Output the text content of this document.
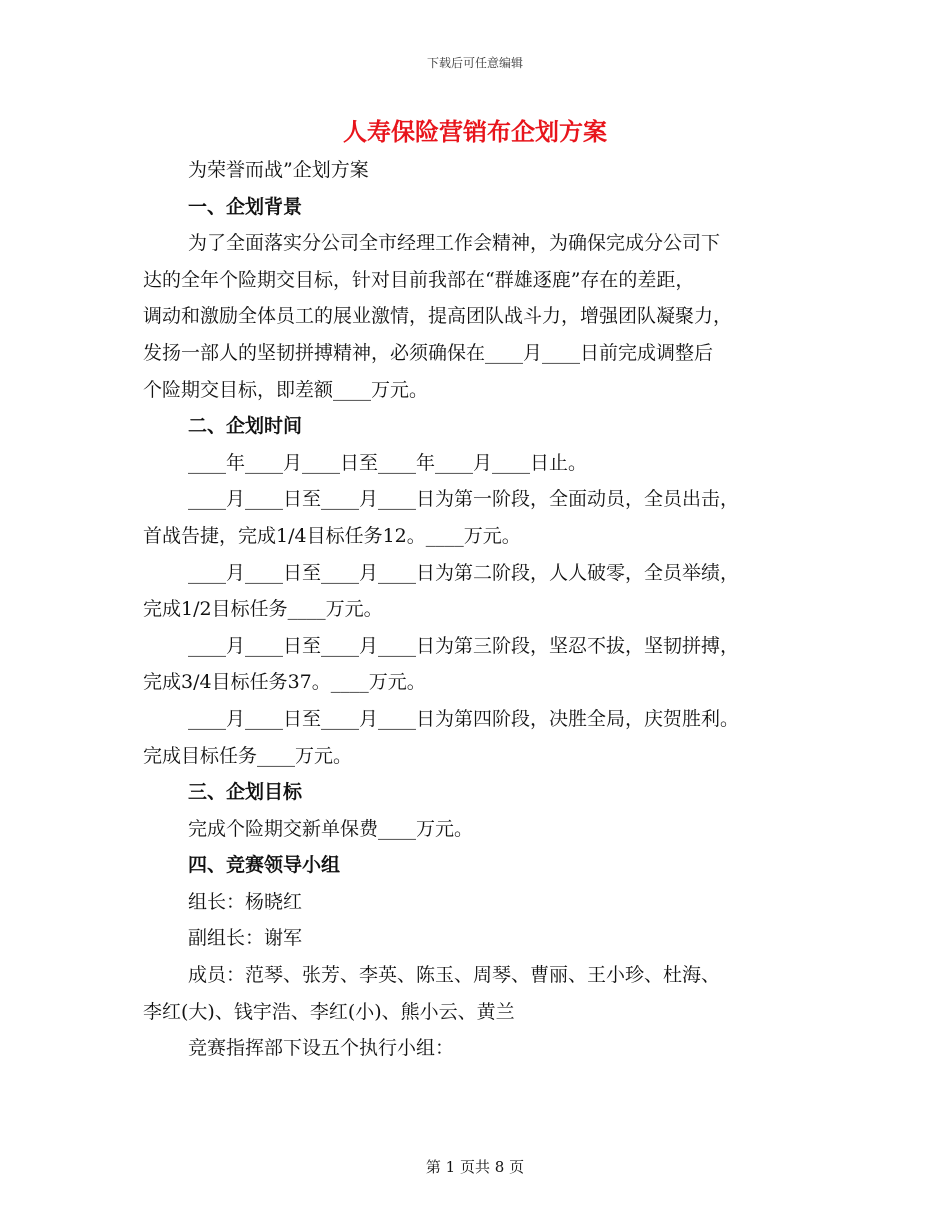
下载后可任意编辑
人寿保险营销布企划方案

为荣誉而战”企划方案

一、企划背景

为了全面落实分公司全市经理工作会精神，为确保完成分公司下

达的全年个险期交目标，针对目前我部在“群雄逐鹿”存在的差距，

调动和激励全体员工的展业激情，提高团队战斗力，增强团队凝聚力，

发扬一部人的坚韧拼搏精神，必须确保在____月____日前完成调整后

个险期交目标，即差额____万元。

二、企划时间

____年____月____日至____年____月____日止。

____月____日至____月____日为第一阶段，全面动员，全员出击，

首战告捷，完成1/4目标任务12。____万元。

____月____日至____月____日为第二阶段，人人破零，全员举绩，

完成1/2目标任务____万元。

____月____日至____月____日为第三阶段，坚忍不拔，坚韧拼搏，

完成3/4目标任务37。____万元。

____月____日至____月____日为第四阶段，决胜全局，庆贺胜利。

完成目标任务____万元。

三、企划目标

完成个险期交新单保费____万元。

四、竞赛领导小组

组长：杨晓红

副组长：谢军

成员：范琴、张芳、李英、陈玉、周琴、曹丽、王小珍、杜海、

李红(大)、钱宇浩、李红(小)、熊小云、黄兰

竞赛指挥部下设五个执行小组：

第 1 页共 8 页
